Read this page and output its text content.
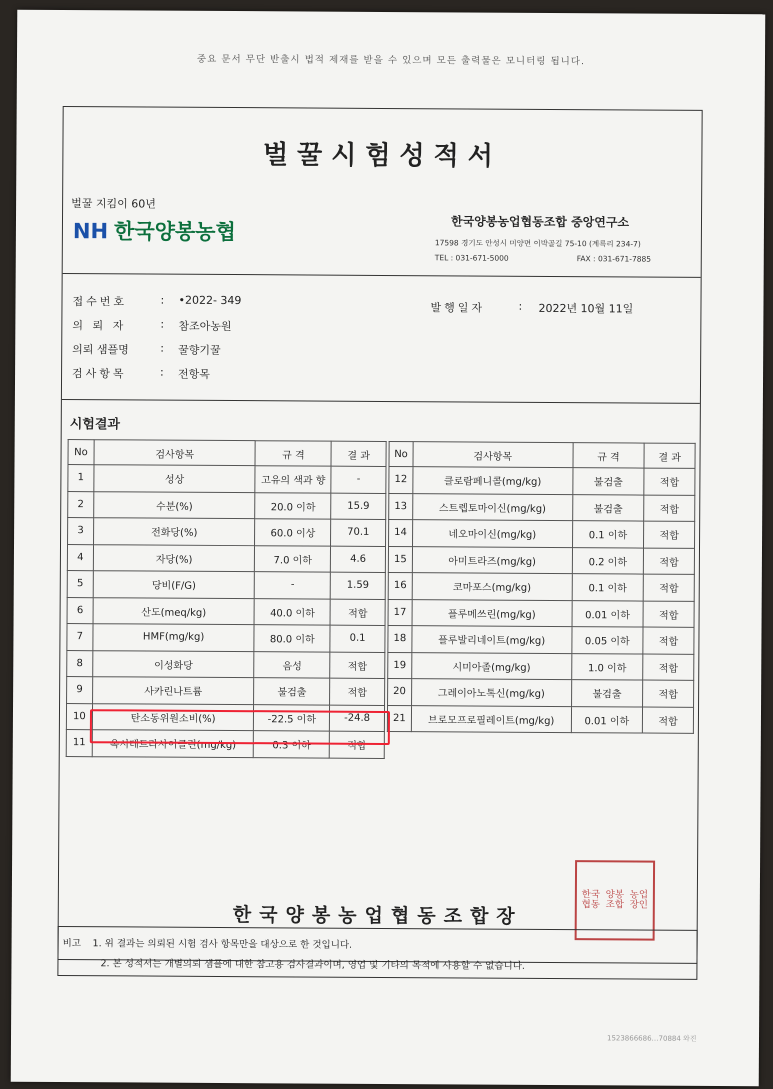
중요 문서 무단 반출시 법적 제재를 받을 수 있으며 모든 출력물은 모니터링 됩니다.
벌꿀시험성적서
벌꿀 지킴이 60년
NH 한국양봉농협	한국양봉농업협동조합 중앙연구소
17598 경기도 안성시 미양면 이박골길 75-10 (계륵리 234-7)
TEL : 031-671-5000	FAX : 031-671-7885
접수번호	: •2022- 349
의 뢰 자	: 참조아농원
의뢰 샘플명	: 꿀향기꿀
검사항목	: 전항목
발행일자	: 2022년 10월 11일
시험결과
No	검사항목	규 격	결 과
1	성상	고유의 색과 향	-
2	수분(%)	20.0 이하	15.9
3	전화당(%)	60.0 이상	70.1
4	자당(%)	7.0 이하	4.6
5	당비(F/G)	-	1.59
6	산도(meq/kg)	40.0 이하	적합
7	HMF(mg/kg)	80.0 이하	0.1
8	이성화당	음성	적합
9	사카린나트륨	불검출	적합
10	탄소동위원소비(%)	-22.5 이하	-24.8
11	옥시테트라사이클린(mg/kg)	0.3 이하	적합
No	검사항목	규 격	결 과
12	클로람페니콜(mg/kg)	불검출	적합
13	스트렙토마이신(mg/kg)	불검출	적합
14	네오마이신(mg/kg)	0.1 이하	적합
15	아미트라즈(mg/kg)	0.2 이하	적합
16	코마포스(mg/kg)	0.1 이하	적합
17	플루메쓰린(mg/kg)	0.01 이하	적합
18	플루발리네이트(mg/kg)	0.05 이하	적합
19	시미아졸(mg/kg)	1.0 이하	적합
20	그레이아노톡신(mg/kg)	불검출	적합
21	브로모프로필레이트(mg/kg)	0.01 이하	적합
한국양봉농업협동조합장
한국 양봉 농업
협동 조합 장인
비고 1. 위 결과는 의뢰된 시험 검사 항목만을 대상으로 한 것입니다.
2. 본 성적서는 개별의뢰 샘플에 대한 참고용 검사결과이며, 영업 및 기타의 목적에 사용할 수 없습니다.
1523866686…70884 와진
